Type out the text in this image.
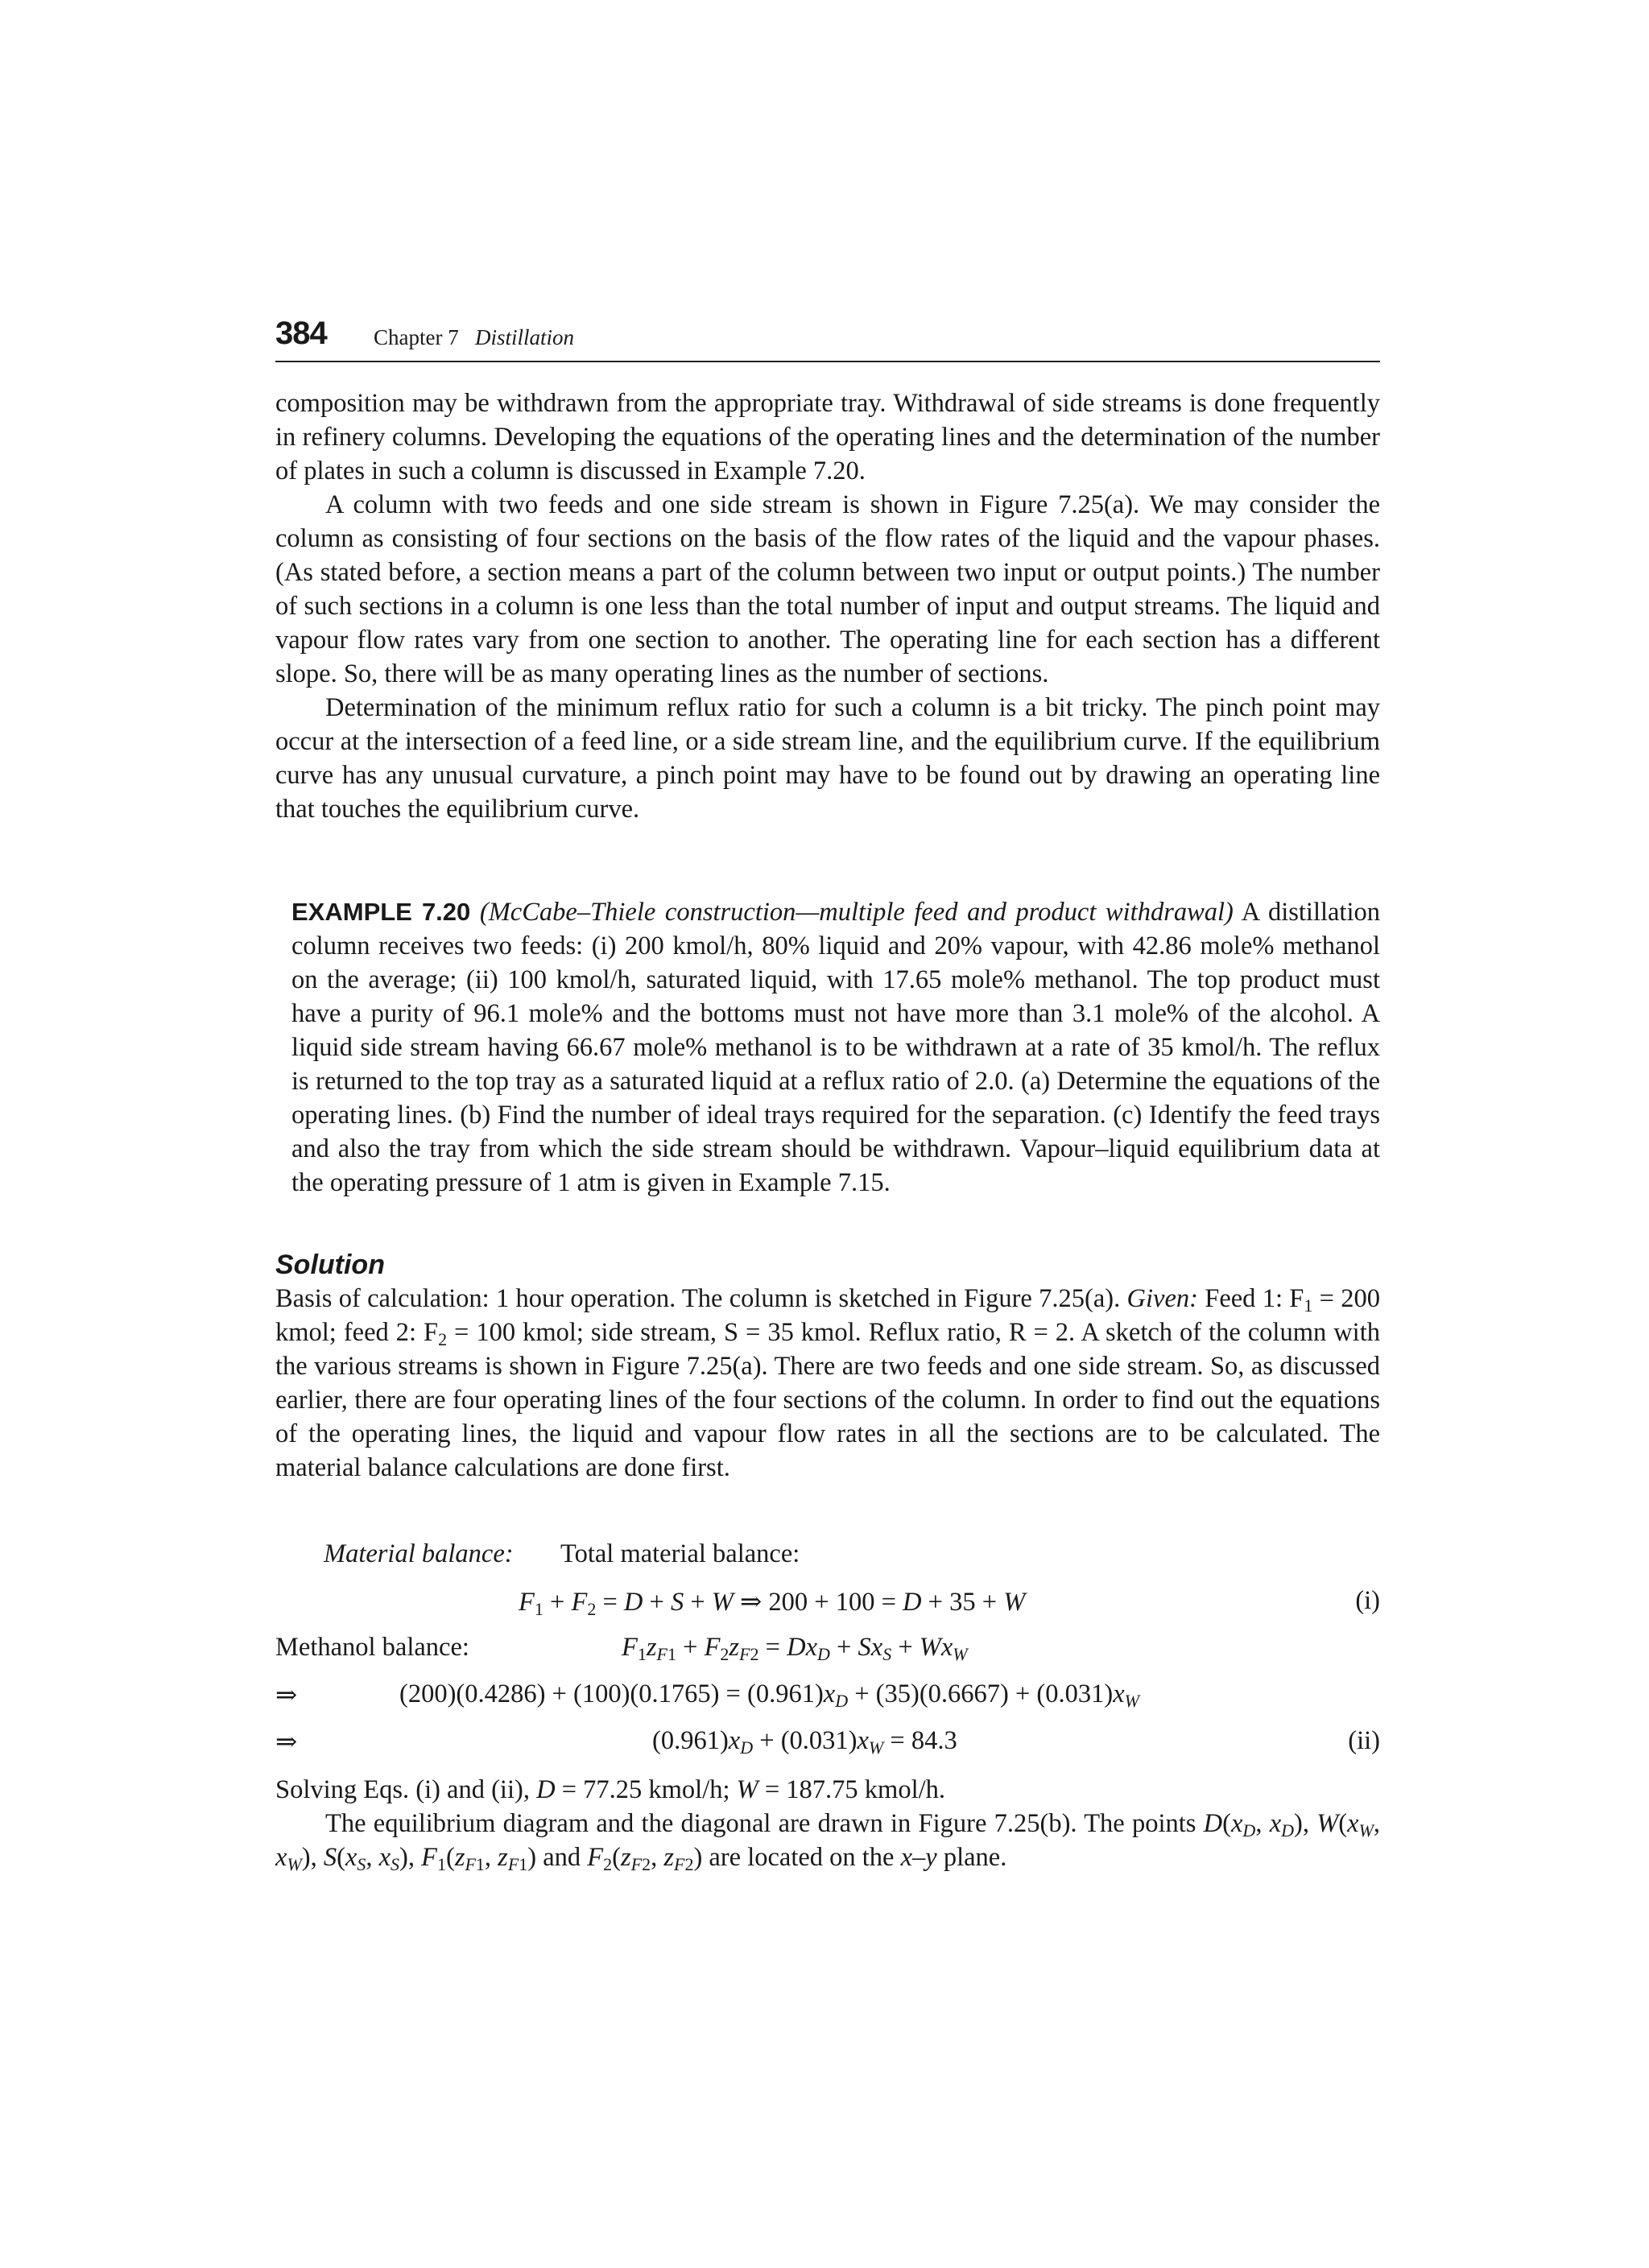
384 Chapter 7 Distillation

composition may be withdrawn from the appropriate tray. Withdrawal of side streams is done frequently in refinery columns. Developing the equations of the operating lines and the determination of the number of plates in such a column is discussed in Example 7.20.

A column with two feeds and one side stream is shown in Figure 7.25(a). We may consider the column as consisting of four sections on the basis of the flow rates of the liquid and the vapour phases. (As stated before, a section means a part of the column between two input or output points.) The number of such sections in a column is one less than the total number of input and output streams. The liquid and vapour flow rates vary from one section to another. The operating line for each section has a different slope. So, there will be as many operating lines as the number of sections.

Determination of the minimum reflux ratio for such a column is a bit tricky. The pinch point may occur at the intersection of a feed line, or a side stream line, and the equilibrium curve. If the equilibrium curve has any unusual curvature, a pinch point may have to be found out by drawing an operating line that touches the equilibrium curve.

EXAMPLE 7.20 (McCabe–Thiele construction—multiple feed and product withdrawal) A distillation column receives two feeds: (i) 200 kmol/h, 80% liquid and 20% vapour, with 42.86 mole% methanol on the average; (ii) 100 kmol/h, saturated liquid, with 17.65 mole% methanol. The top product must have a purity of 96.1 mole% and the bottoms must not have more than 3.1 mole% of the alcohol. A liquid side stream having 66.67 mole% methanol is to be withdrawn at a rate of 35 kmol/h. The reflux is returned to the top tray as a saturated liquid at a reflux ratio of 2.0. (a) Determine the equations of the operating lines. (b) Find the number of ideal trays required for the separation. (c) Identify the feed trays and also the tray from which the side stream should be withdrawn. Vapour–liquid equilibrium data at the operating pressure of 1 atm is given in Example 7.15.
Solution

Basis of calculation: 1 hour operation. The column is sketched in Figure 7.25(a). Given: Feed 1: $F_1 = 200$ kmol; feed 2: $F_2 = 100$ kmol; side stream, S = 35 kmol. Reflux ratio, R = 2. A sketch of the column with the various streams is shown in Figure 7.25(a). There are two feeds and one side stream. So, as discussed earlier, there are four operating lines of the four sections of the column. In order to find out the equations of the operating lines, the liquid and vapour flow rates in all the sections are to be calculated. The material balance calculations are done first.

Material balance: Total material balance:
$F_1 + F_2 = D + S + W$ ⇒ 200 + 100 = D + 35 + W	(i)
Methanol balance:	$F_1z_{F1} + F_2z_{F2} = Dx_D + Sx_S + Wx_W$
⇒	$(200)(0.4286) + (100)(0.1765) = (0.961)x_D + (35)(0.6667) + (0.031)x_W$
⇒	$(0.961)x_D + (0.031)x_W = 84.3$	(ii)

Solving Eqs. (i) and (ii), D = 77.25 kmol/h; W = 187.75 kmol/h.

The equilibrium diagram and the diagonal are drawn in Figure 7.25(b). The points $D(x_D$, $x_D$), $W(x_W$, $x_W$), $S(x_S$, $x_S$), $F_1(z_{F1}$, $z_{F1}$) and $F_2(z_{F2}$, $z_{F2}$) are located on the x–y plane.
